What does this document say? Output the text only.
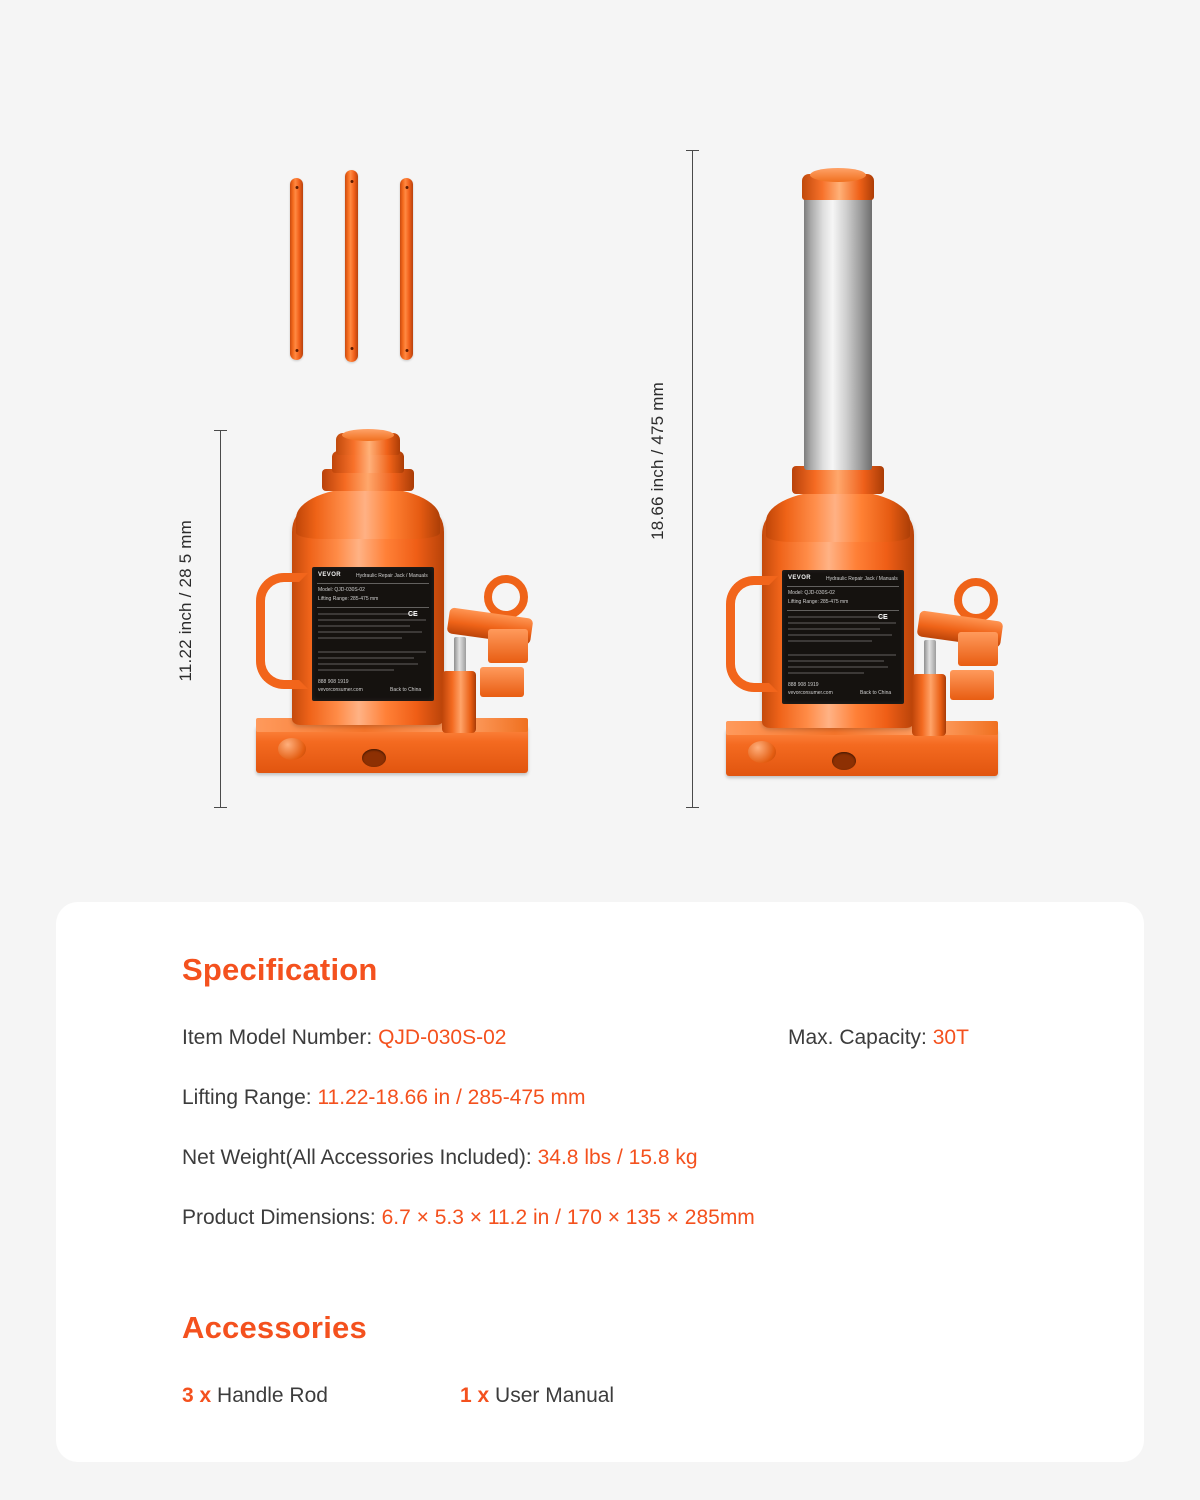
11.22 inch / 28 5 mm	VEVOR	Hydraulic Repair Jack / Manuals
Model: QJD-030S-02
Lifting Range: 285-475 mm
CE
888 908 1919
vevorconsumer.com	Back to China
18.66 inch / 475 mm
VEVOR	Hydraulic Repair Jack / Manuals
Model: QJD-030S-02
Lifting Range: 285-475 mm
CE
888 908 1919
vevorconsumer.com	Back to China
Specification
Item Model Number: QJD-030S-02	Max. Capacity: 30T
Lifting Range: 11.22-18.66 in / 285-475 mm
Net Weight(All Accessories Included): 34.8 lbs / 15.8 kg
Product Dimensions: 6.7 × 5.3 × 11.2 in / 170 × 135 × 285mm
Accessories
3 x Handle Rod	1 x User Manual
